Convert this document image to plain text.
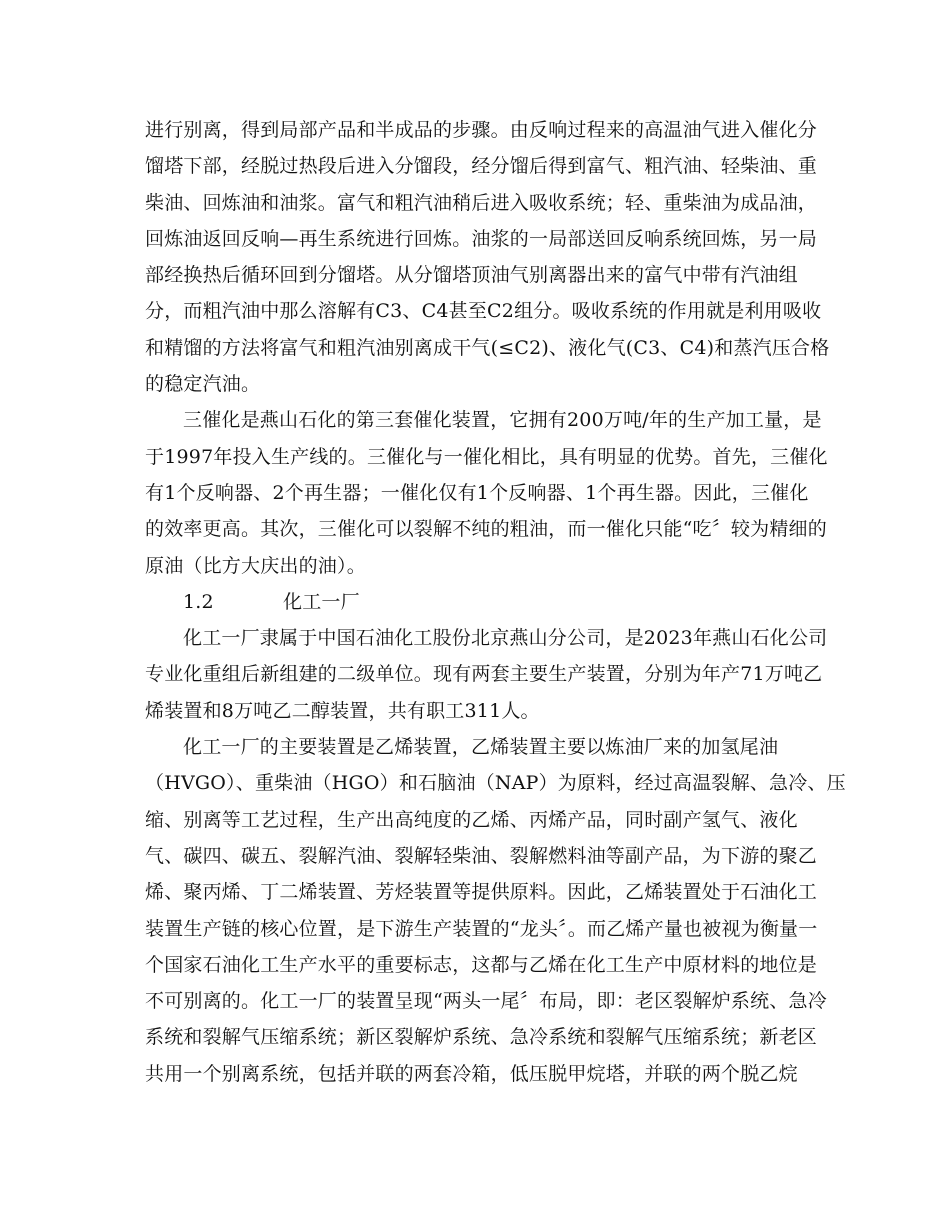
进行别离，得到局部产品和半成品的步骤。由反响过程来的高温油气进入催化分
馏塔下部，经脱过热段后进入分馏段，经分馏后得到富气、粗汽油、轻柴油、重
柴油、回炼油和油浆。富气和粗汽油稍后进入吸收系统；轻、重柴油为成品油，
回炼油返回反响—再生系统进行回炼。油浆的一局部送回反响系统回炼，另一局
部经换热后循环回到分馏塔。从分馏塔顶油气别离器出来的富气中带有汽油组
分，而粗汽油中那么溶解有C3、C4甚至C2组分。吸收系统的作用就是利用吸收
和精馏的方法将富气和粗汽油别离成干气(≤C2)、液化气(C3、C4)和蒸汽压合格
的稳定汽油。
三催化是燕山石化的第三套催化装置，它拥有200万吨/年的生产加工量，是
于1997年投入生产线的。三催化与一催化相比，具有明显的优势。首先，三催化
有1个反响器、2个再生器；一催化仅有1个反响器、1个再生器。因此，三催化
的效率更高。其次，三催化可以裂解不纯的粗油，而一催化只能“吃〞较为精细的
原油（比方大庆出的油）。
1.2	化工一厂
化工一厂隶属于中国石油化工股份北京燕山分公司，是2023年燕山石化公司
专业化重组后新组建的二级单位。现有两套主要生产装置，分别为年产71万吨乙
烯装置和8万吨乙二醇装置，共有职工311人。
化工一厂的主要装置是乙烯装置，乙烯装置主要以炼油厂来的加氢尾油
（HVGO）、重柴油（HGO）和石脑油（NAP）为原料，经过高温裂解、急冷、压
缩、别离等工艺过程，生产出高纯度的乙烯、丙烯产品，同时副产氢气、液化
气、碳四、碳五、裂解汽油、裂解轻柴油、裂解燃料油等副产品，为下游的聚乙
烯、聚丙烯、丁二烯装置、芳烃装置等提供原料。因此，乙烯装置处于石油化工
装置生产链的核心位置，是下游生产装置的“龙头〞。而乙烯产量也被视为衡量一
个国家石油化工生产水平的重要标志，这都与乙烯在化工生产中原材料的地位是
不可别离的。化工一厂的装置呈现“两头一尾〞布局，即：老区裂解炉系统、急冷
系统和裂解气压缩系统；新区裂解炉系统、急冷系统和裂解气压缩系统；新老区
共用一个别离系统，包括并联的两套冷箱，低压脱甲烷塔，并联的两个脱乙烷
